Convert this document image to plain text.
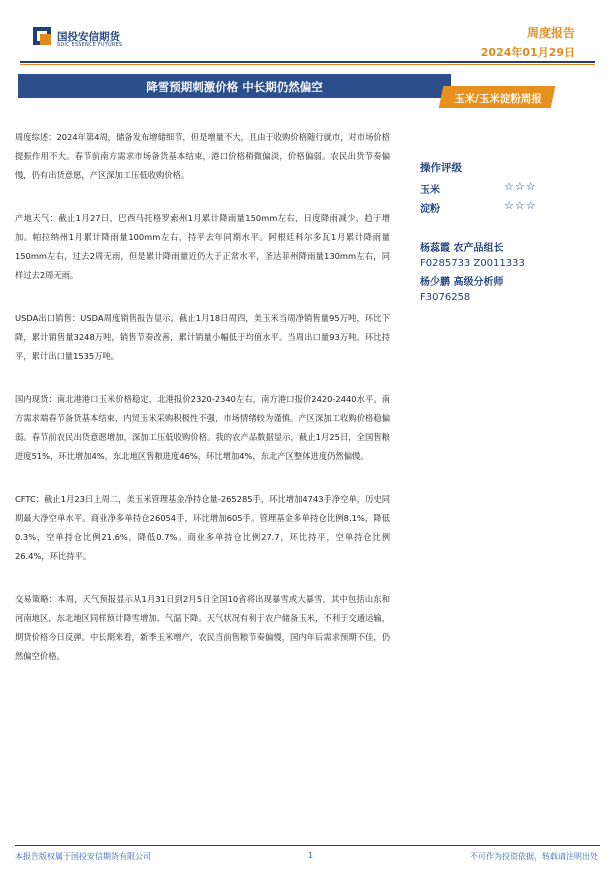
国投安信期货
SDIC ESSENCE FUTURES
周度报告
2024年01月29日
降雪预期刺激价格 中长期仍然偏空
玉米/玉米淀粉周报

周度综述：2024年第4周，储备发布增储细节，但是增量不大，且由于收购价格随行就市，对市场价格提振作用不大。春节前南方需求市场备货基本结束，港口价格稍微偏淡，价格偏弱。农民出货节奏偏慢，仍有出货意愿，产区深加工压低收购价格。

产地天气：截止1月27日，巴西马托格罗索州1月累计降雨量150mm左右，日度降雨减少，趋于增加。帕拉纳州1月累计降雨量100mm左右，持平去年同期水平。阿根廷科尔多瓦1月累计降雨量150mm左右，过去2周无雨，但是累计降雨量近仍大于正常水平，圣达菲州降雨量130mm左右，同样过去2周无雨。

USDA出口销售：USDA周度销售报告显示，截止1月18日周四，美玉米当周净销售量95万吨，环比下降，累计销售量3248万吨，销售节奏改善，累计销量小幅低于均值水平。当周出口量93万吨，环比持平，累计出口量1535万吨。

国内现货：南北港港口玉米价格稳定，北港报价2320-2340左右，南方港口报价2420-2440水平。南方需求端春节备货基本结束，内贸玉米采购积极性不强，市场情绪较为谨慎。产区深加工收购价格稳偏弱。春节前农民出货意愿增加，深加工压低收购价格。我的农产品数据显示，截止1月25日，全国售粮进度51%，环比增加4%，东北地区售粮进度46%，环比增加4%，东北产区整体进度仍然偏慢。

CFTC：截止1月23日上周二，美玉米管理基金净持仓量-265285手，环比增加4743手净空单，历史同期最大净空单水平。商业净多单持仓26054手，环比增加605手。管理基金多单持仓比例8.1%，降低0.3%，空单持仓比例21.6%，降低0.7%。商业多单持仓比例27.7，环比持平，空单持仓比例26.4%，环比持平。

交易策略：本周，天气预报显示从1月31日到2月5日全国10省将出现暴雪或大暴雪，其中包括山东和河南地区，东北地区同样预计降雪增加、气温下降。天气状况有利于农户储备玉米，不利于交通运输，期货价格今日反弹。中长期来看，新季玉米增产，农民当前售粮节奏偏慢，国内年后需求预期不佳，仍然偏空价格。

操作评级
玉米	☆☆☆
淀粉	☆☆☆
杨蕊霞 农产品组长
F0285733 Z0011333
杨少鹏 高级分析师
F3076258
本报告版权属于国投安信期货有限公司	1	不可作为投资依据，转载请注明出处
